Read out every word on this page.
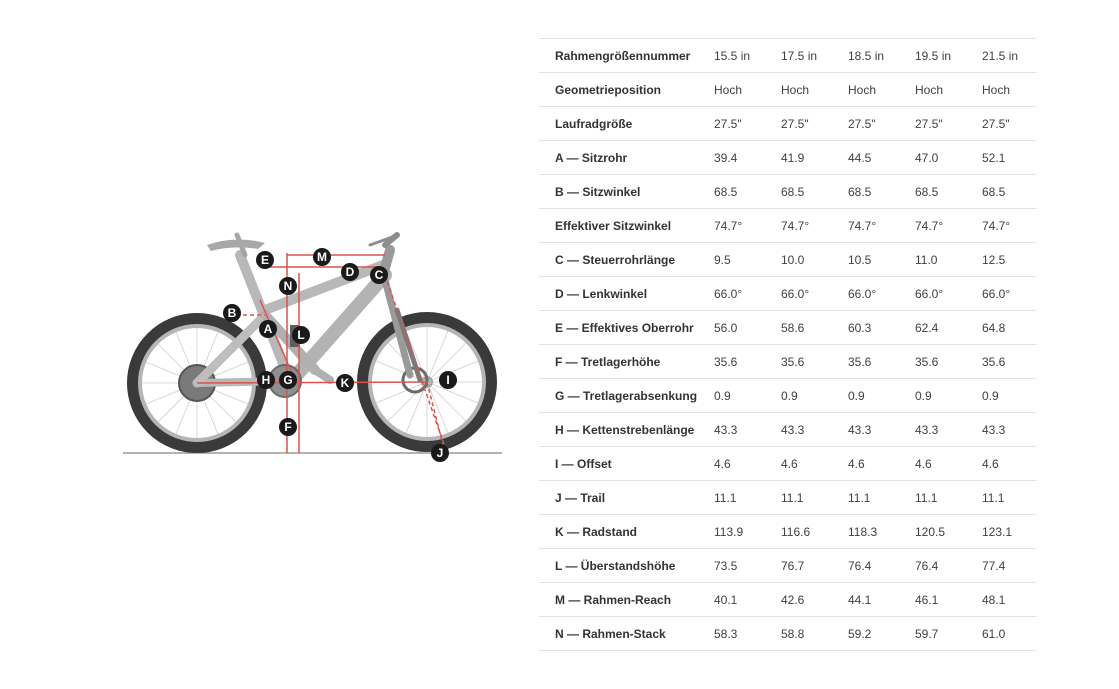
A
B
C
D
E
F
G
H	I
J
K
L
M
N
Rahmengrößennummer	15.5 in	17.5 in	18.5 in	19.5 in	21.5 in
Geometrieposition	Hoch	Hoch	Hoch	Hoch	Hoch
Laufradgröße	27.5"	27.5"	27.5"	27.5"	27.5"
A — Sitzrohr	39.4	41.9	44.5	47.0	52.1
B — Sitzwinkel	68.5	68.5	68.5	68.5	68.5
Effektiver Sitzwinkel	74.7°	74.7°	74.7°	74.7°	74.7°
C — Steuerrohrlänge	9.5	10.0	10.5	11.0	12.5
D — Lenkwinkel	66.0°	66.0°	66.0°	66.0°	66.0°
E — Effektives Oberrohr	56.0	58.6	60.3	62.4	64.8
F — Tretlagerhöhe	35.6	35.6	35.6	35.6	35.6
G — Tretlagerabsenkung	0.9	0.9	0.9	0.9	0.9
H — Kettenstrebenlänge	43.3	43.3	43.3	43.3	43.3
I — Offset	4.6	4.6	4.6	4.6	4.6
J — Trail	11.1	11.1	11.1	11.1	11.1
K — Radstand	113.9	116.6	118.3	120.5	123.1
L — Überstandshöhe	73.5	76.7	76.4	76.4	77.4
M — Rahmen-Reach	40.1	42.6	44.1	46.1	48.1
N — Rahmen-Stack	58.3	58.8	59.2	59.7	61.0
